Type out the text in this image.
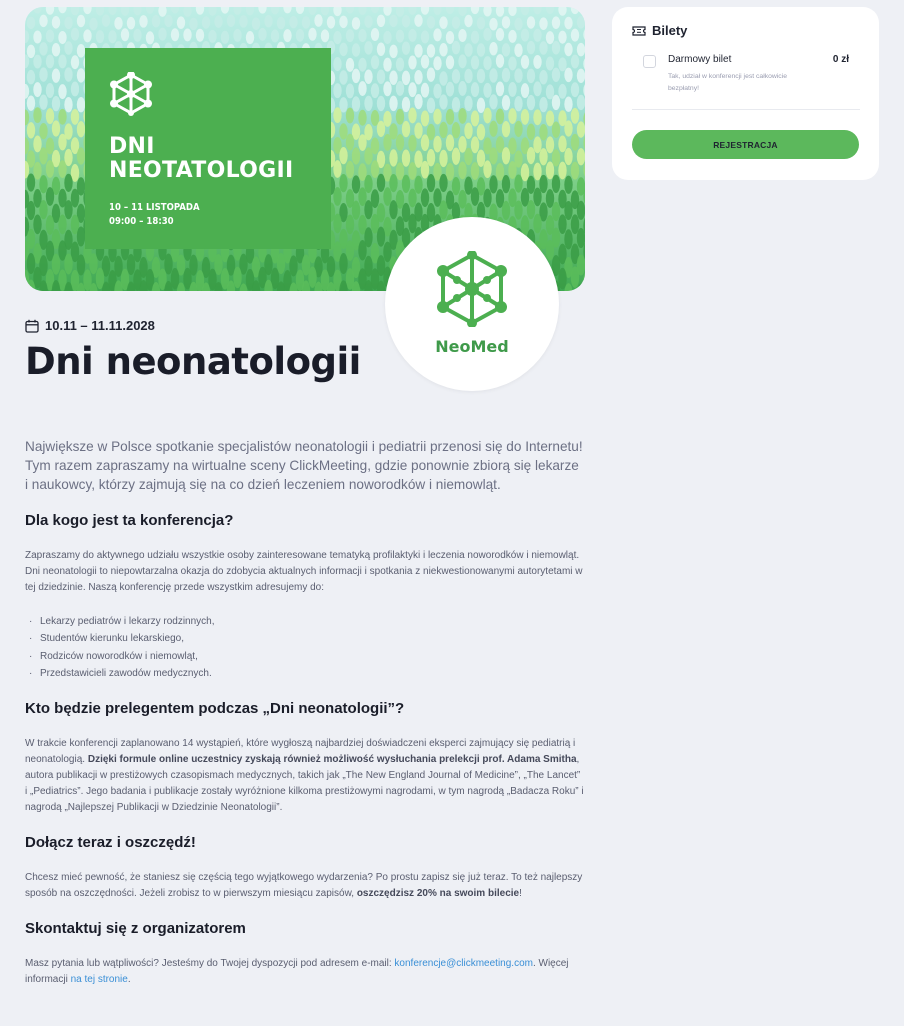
DNI
NEOTATOLOGII
10 – 11 LISTOPADA
09:00 – 18:30
NeoMed
10.11 – 11.11.2028
Dni neonatologii

Największe w Polsce spotkanie specjalistów neonatologii i pediatrii przenosi się do Internetu! Tym razem zapraszamy na wirtualne sceny ClickMeeting, gdzie ponownie zbiorą się lekarze i naukowcy, którzy zajmują się na co dzień leczeniem noworodków i niemowląt.

Dla kogo jest ta konferencja?

Zapraszamy do aktywnego udziału wszystkie osoby zainteresowane tematyką profilaktyki i leczenia noworodków i niemowląt. Dni neonatologii to niepowtarzalna okazja do zdobycia aktualnych informacji i spotkania z niekwestionowanymi autorytetami w tej dziedzinie. Naszą konferencję przede wszystkim adresujemy do:

· Lekarzy pediatrów i lekarzy rodzinnych,
· Studentów kierunku lekarskiego,
· Rodziców noworodków i niemowląt,
· Przedstawicieli zawodów medycznych.
Kto będzie prelegentem podczas „Dni neonatologii”?

W trakcie konferencji zaplanowano 14 wystąpień, które wygłoszą najbardziej doświadczeni eksperci zajmujący się pediatrią i neonatologią. Dzięki formule online uczestnicy zyskają również możliwość wysłuchania prelekcji prof. Adama Smitha, autora publikacji w prestiżowych czasopismach medycznych, takich jak „The New England Journal of Medicine”, „The Lancet” i „Pediatrics”. Jego badania i publikacje zostały wyróżnione kilkoma prestiżowymi nagrodami, w tym nagrodą „Badacza Roku” i nagrodą „Najlepszej Publikacji w Dziedzinie Neonatologii”.

Dołącz teraz i oszczędź!

Chcesz mieć pewność, że staniesz się częścią tego wyjątkowego wydarzenia? Po prostu zapisz się już teraz. To też najlepszy sposób na oszczędności. Jeżeli zrobisz to w pierwszym miesiącu zapisów, oszczędzisz 20% na swoim bilecie!

Skontaktuj się z organizatorem

Masz pytania lub wątpliwości? Jesteśmy do Twojej dyspozycji pod adresem e-mail: konferencje@clickmeeting.com. Więcej informacji na tej stronie.

Bilety
Darmowy bilet
Tak, udział w konferencji jest całkowicie bezpłatny!
0 zł
REJESTRACJA
